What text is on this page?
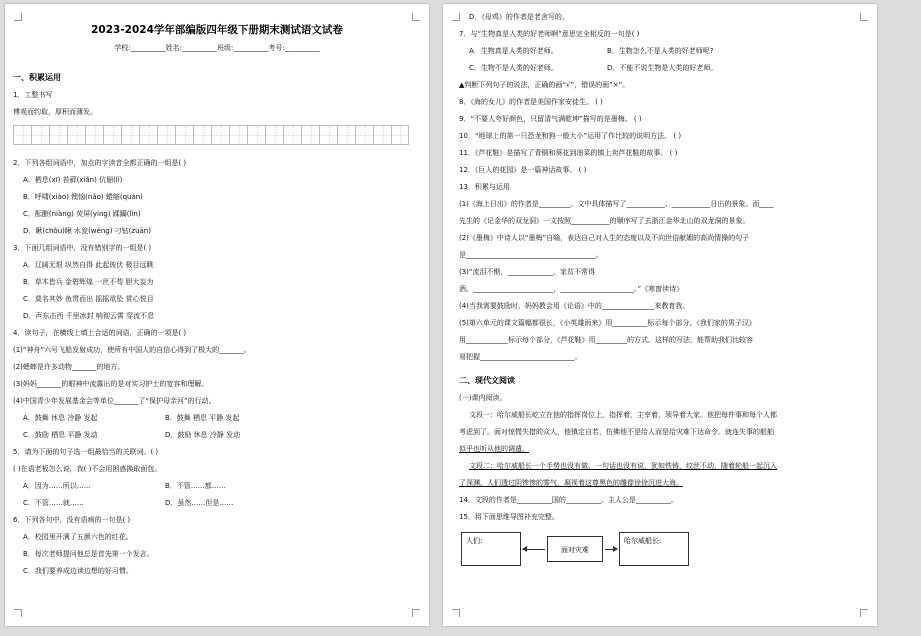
2023-2024学年部编版四年级下册期末测试语文试卷
学校:__________姓名:__________班级:__________考号:__________
一、积累运用
1．工整书写
博观而约取，厚积而薄发。
2．下列各组词语中，加点的字读音全都正确的一组是( )
A．栖息(xī) 苔藓(xiǎn) 伉俪(lì)
B．呼啸(xiào) 懊恼(nǎo) 蜷缩(quán)
C．酝酿(niàng) 荧屏(yíng) 蹂躏(lìn)
D．瞅(chǒu)瞅 水瓮(wèng) 刁钻(zuān)
3．下面几组词语中，没有错别字的一组是( )
A．辽阔无垠 纵然自得 此起彼伏 极目远眺
B．草木皆兵 金碧辉煌 一丝不苟 胆大妄为
C．莫名其妙 鱼贯而出 摇摇欲坠 赏心悦目
D．声东击西 千里冰封 响彻云霄 穿流不息
4．读句子，在横线上填上合适的词语，正确的一项是( )
(1)“神舟”六号飞船发射成功，使所有中国人的自信心得到了极大的_______。
(2)蟋蟀是许多动物_______的地方。
(3)妈妈_______的眼神中流露出的是对实习护士的宽容和理解。
(4)中国青少年发展基金会等单位_______了“保护母亲河”的行动。
A．鼓舞 休息 冷静 发起	B．鼓舞 栖息 平静 发起
C．鼓励 栖息 平静 发动	D．鼓励 休息 冷静 发动
5．请为下面的句子选一组最恰当的关联词。( )
( )在语老板怎么说，我( )不会用困惑换取面包。
A．因为……所以……	B．不管……都……
C．不管……就……	D．虽然……但是……
6．下列各句中，没有语病的一句是( )
A．校园里开满了五颜六色的红花。
B．每次老师提问他总是首先第一个发言。
C．我们要养成边读边想的好习惯。
D．《母鸡》的作者是老舍写的。
7．与“生物真是人类的好老师啊”意思完全相反的一句是( )
A．生物真是人类的好老师。	B．生物怎么不是人类的好老师呢?
C．生物不是人类的好老师。	D．不能不说生物是人类的好老师。
▲判断下列句子的说法，正确的画“√”，错误的画“×”。
8．《海的女儿》的作者是美国作家安徒生。 ( )
9．“不要人夸好颜色，只留清气满乾坤”描写的是墨梅。 ( )
10．“地球上的第一只恐龙和狗一般大小”运用了作比较的说明方法。 ( )
11．《芦花鞋》是描写了青铜和葵花到油菜的镇上卖芦花鞋的故事。 ( )
12．《巨人的花园》是一篇神话故事。 ( )
13．积累与运用
(1)《海上日出》的作者是_________。文中具体描写了___________、___________日出的景象。而____
先生的《记金华的双龙洞》一文按照___________的顺序写了去浙江金华北山的双龙洞的景象。
(2)《墨梅》中诗人以“墨梅”自喻，表达自己对人生的态度以及不向世俗献媚的高尚情操的句子
是_____________________________________。
(3)“流泪不惭，_____________，家贫不常得
酒。_______________________，_____________________。”《寒窗读诗》
(4)当我需要鼓励时，妈妈教会用《论语》中的_______________来教育我。
(5)第六单元的课文篇幅都很长，《小英雄雨来》用__________标示每个部分，《我们家的男子汉》
用____________标示每个部分，《芦花鞋》用_________的方式。这样的写法，能帮助我们比较容
易把握___________________________。
二、现代文阅读
(一)课内阅读。
文段一：哈尔威船长屹立在他的指挥岗位上，指挥着，主宰着，领导着大家。他把每件事和每个人都
考虑到了。面对惊慌失措的众人，他镇定自若，仿佛他不是给人而是给灾难下达命令。就连失事的船舶
似乎也听从他的调遣。
文段二：哈尔威船长一个手势也没有做，一句话也没有说，犹如铁铸，纹丝不动，随着轮船一起沉入
了深渊。人们透过阴惨惨的雾气，凝视着这尊黑色的雕像徐徐沉进大海。
14．文段的作者是__________国的__________，主人公是__________。
15．将下面思维导图补充完整。
人们:
面对灾难
哈尔威船长:
